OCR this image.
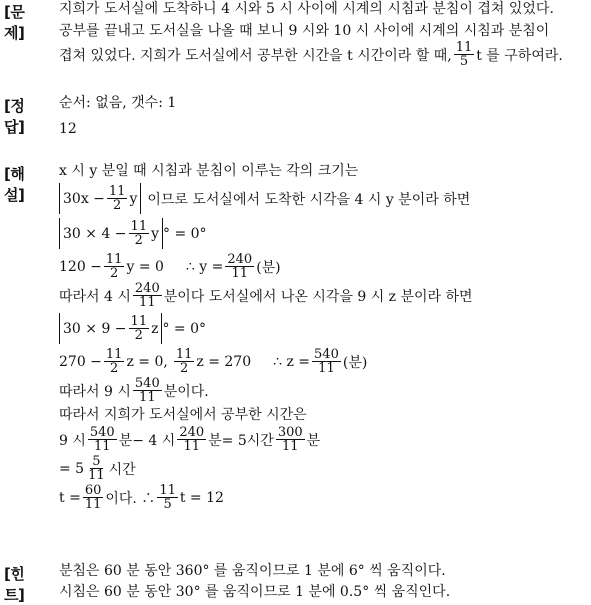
[문제]
지희가 도서실에 도착하니 4 시와 5 시 사이에 시계의 시침과 분침이 겹쳐 있었다.
공부를 끝내고 도서실을 나올 때 보니 9 시와 10 시 사이에 시계의 시침과 분침이
겹쳐 있었다. 지희가 도서실에서 공부한 시간을 t 시간이라 할 때, $\frac{11}{5}$ t 를 구하여라.
[정답]
순서: 없음, 갯수: 1
12
[해설]
x 시 y 분일 때 시침과 분침이 이루는 각의 크기는
$30x - \frac{11}{2}$ y 이므로 도서실에서 도착한 시각을 4 시 y 분이라 하면
$30 \times 4 - \frac{11}{2}$ y ° = 0°
$120 - \frac{11}{2}$ y = 0 ∴ $y = \frac{240}{11}$ (분)
따라서 4 시 $\frac{240}{11}$ 분이다 도서실에서 나온 시각을 9 시 z 분이라 하면
$30 \times 9 - \frac{11}{2}$ z ° = 0°
$270 - \frac{11}{2}$ z = 0, $\frac{11}{2}$ z = 270 ∴ $z = \frac{540}{11}$ (분)
따라서 9 시 $\frac{540}{11}$ 분이다.
따라서 지희가 도서실에서 공부한 시간은
9 시 $\frac{540}{11}$ 분− 4 시 $\frac{240}{11}$ 분= 5시간 $\frac{300}{11}$ 분
= $5 \frac{5}{11}$ 시간
$t = \frac{60}{11}$ 이다. ∴ $\frac{11}{5}$ t = 12
[힌트]
분침은 60 분 동안 360° 를 움직이므로 1 분에 6° 씩 움직이다.
시침은 60 분 동안 30° 를 움직이므로 1 분에 0.5° 씩 움직인다.
